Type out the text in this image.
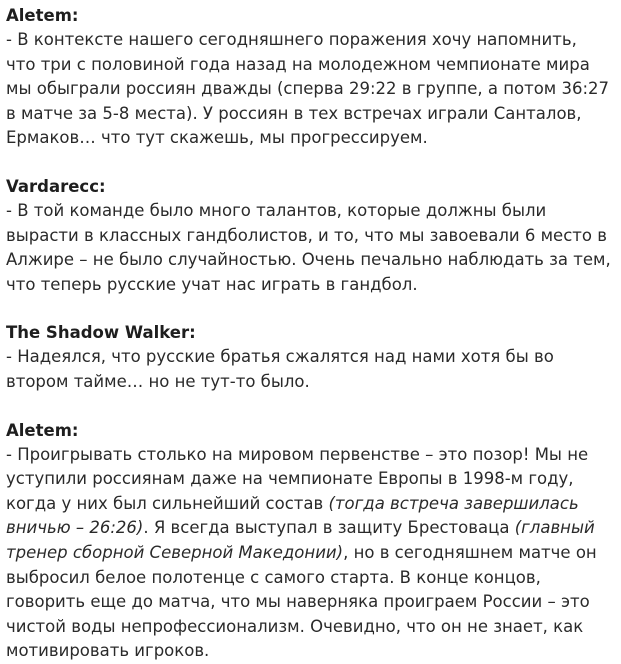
Aletem:
- В контексте нашего сегодняшнего поражения хочу напомнить, что три с половиной года назад на молодежном чемпионате мира мы обыграли россиян дважды (сперва 29:22 в группе, а потом 36:27 в матче за 5-8 места). У россиян в тех встречах играли Санталов, Ермаков… что тут скажешь, мы прогрессируем.
Vardarecc:
- В той команде было много талантов, которые должны были вырасти в классных гандболистов, и то, что мы завоевали 6 место в Алжире – не было случайностью. Очень печально наблюдать за тем, что теперь русские учат нас играть в гандбол.
The Shadow Walker:
- Надеялся, что русские братья сжалятся над нами хотя бы во втором тайме… но не тут-то было.
Aletem:
- Проигрывать столько на мировом первенстве – это позор! Мы не уступили россиянам даже на чемпионате Европы в 1998-м году, когда у них был сильнейший состав (тогда встреча завершилась вничью – 26:26). Я всегда выступал в защиту Брестоваца (главный тренер сборной Северной Македонии), но в сегодняшнем матче он выбросил белое полотенце с самого старта. В конце концов, говорить еще до матча, что мы наверняка проиграем России – это чистой воды непрофессионализм. Очевидно, что он не знает, как мотивировать игроков.
